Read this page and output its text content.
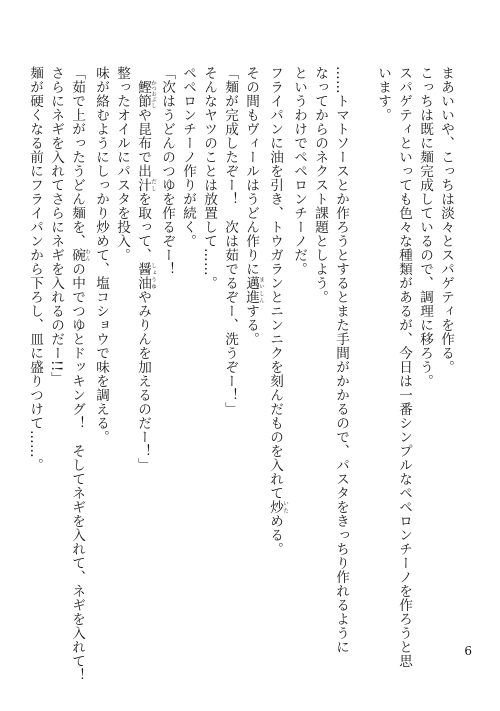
まあいいや、こっちは淡々とスパゲティを作る。

こっちは既に麺完成しているので、調理に移ろう。

スパゲティといっても色々な種類があるが、今日は一番シンプルなペペロンチーノを作ろうと思

います。

……トマトソースとか作ろうとするとまた手間がかかるので、パスタをきっちり作れるように

なってからのネクスト課題としよう。

というわけでペペロンチーノだ。

フライパンに油を引き、トウガランとニンニクを刻んだものを入れて炒 いためる。

その間もヴィールはうどん作りに邁 まい進 しんする。

「麺が完成したぞー！　次は茹でるぞー、洗うぞー！」

そんなヤツのことは放置して……。

ペペロンチーノ作りが続く。

「次はうどんのつゆを作るぞー！

　鰹節 かつおぶしや昆布で出汁 だしを取って、醤油 しょうゆやみりんを加えるのだー！」

整ったオイルにパスタを投入。

味が絡むようにしっかり炒めて、塩コショウで味を調える。

「茹で上がったうどん麺を、碗 わんの中でつゆとドッキング！　そしてネギを入れて、ネギを入れて！

さらにネギを入れてさらにネギを入れるのだー!!」

麺が硬くなる前にフライパンから下ろし、皿に盛りつけて……。

6
